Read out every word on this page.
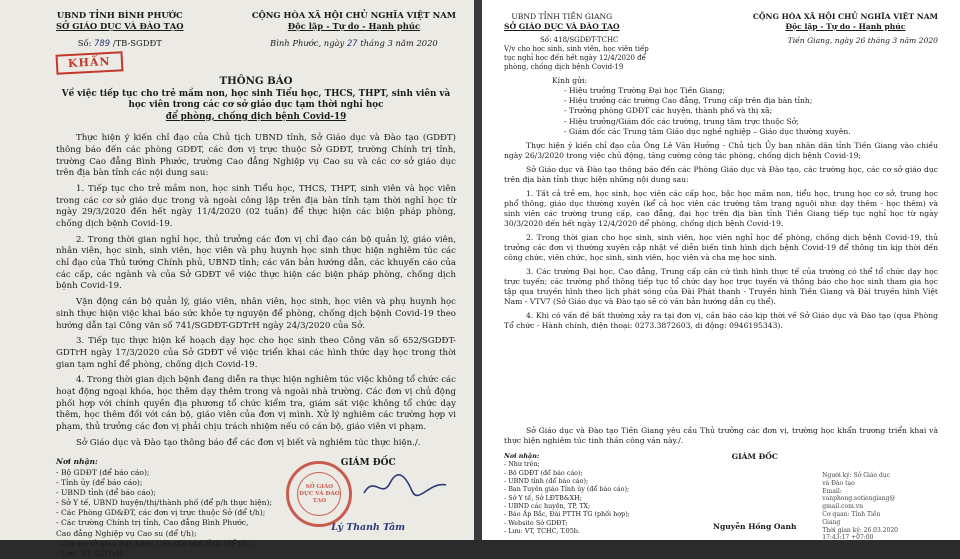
UBND TỈNH BÌNH PHƯỚC
SỞ GIÁO DỤC VÀ ĐÀO TẠO
Số: 789 /TB-SGDĐT
KHẨN
CỘNG HÒA XÃ HỘI CHỦ NGHĨA VIỆT NAM
Độc lập - Tự do - Hạnh phúc
Bình Phước, ngày 27 tháng 3 năm 2020
THÔNG BÁO
Về việc tiếp tục cho trẻ mầm non, học sinh Tiểu học, THCS, THPT, sinh viên và
học viên trong các cơ sở giáo dục tạm thời nghỉ học
để phòng, chống dịch bệnh Covid-19

Thực hiện ý kiến chỉ đạo của Chủ tịch UBND tỉnh, Sở Giáo dục và Đào tạo (GDĐT) thông báo đến các phòng GDĐT, các đơn vị trực thuộc Sở GDĐT, trường Chính trị tỉnh, trường Cao đẳng Bình Phước, trường Cao đẳng Nghiệp vụ Cao su và các cơ sở giáo dục trên địa bàn tỉnh các nội dung sau:

1. Tiếp tục cho trẻ mầm non, học sinh Tiểu học, THCS, THPT, sinh viên và học viên trong các cơ sở giáo dục trong và ngoài công lập trên địa bàn tỉnh tạm thời nghỉ học từ ngày 29/3/2020 đến hết ngày 11/4/2020 (02 tuần) để thực hiện các biện pháp phòng, chống dịch bệnh Covid-19.

2. Trong thời gian nghỉ học, thủ trưởng các đơn vị chỉ đạo cán bộ quản lý, giáo viên, nhân viên, học sinh, sinh viên, học viên và phụ huynh học sinh thực hiện nghiêm túc các chỉ đạo của Thủ tướng Chính phủ, UBND tỉnh; các văn bản hướng dẫn, các khuyến cáo của các cấp, các ngành và của Sở GDĐT về việc thực hiện các biện pháp phòng, chống dịch bệnh Covid-19.

Vận động cán bộ quản lý, giáo viên, nhân viên, học sinh, học viên và phụ huynh học sinh thực hiện việc khai báo sức khỏe tự nguyện để phòng, chống dịch bệnh Covid-19 theo hướng dẫn tại Công văn số 741/SGDĐT-GDTrH ngày 24/3/2020 của Sở.

3. Tiếp tục thực hiện kế hoạch dạy học cho học sinh theo Công văn số 652/SGDĐT-GDTrH ngày 17/3/2020 của Sở GDĐT về việc triển khai các hình thức dạy học trong thời gian tạm nghỉ để phòng, chống dịch Covid-19.

4. Trong thời gian dịch bệnh đang diễn ra thực hiện nghiêm túc việc không tổ chức các hoạt động ngoại khóa, học thêm dạy thêm trong và ngoài nhà trường. Các đơn vị chủ động phối hợp với chính quyền địa phương tổ chức kiểm tra, giám sát việc không tổ chức dạy thêm, học thêm đối với cán bộ, giáo viên của đơn vị mình. Xử lý nghiêm các trường hợp vi phạm, thủ trưởng các đơn vị phải chịu trách nhiệm nếu có cán bộ, giáo viên vi phạm.

Sở Giáo dục và Đào tạo thông báo để các đơn vị biết và nghiêm túc thực hiện./.

Nơi nhận:
- Bộ GDĐT (để báo cáo);
- Tỉnh ủy (để báo cáo);
- UBND tỉnh (để báo cáo);
- Sở Y tế, UBND huyện/thị/thành phố (để p/h thực hiện);
- Các Phòng GD&ĐT, các đơn vị trực thuộc Sở (để t/h);
- Các trường Chính trị tỉnh, Cao đẳng Bình Phước,
Cao đẳng Nghiệp vụ Cao su (để t/h);
- Các cơ sở giáo dục khác trên địa bàn tỉnh (để t/h);
- Lưu: VT, GDTrH.
GIÁM ĐỐC
SỞ GIÁO DỤC VÀ ĐÀO TẠO
Lý Thanh Tâm
UBND TỈNH TIỀN GIANG
SỞ GIÁO DỤC VÀ ĐÀO TẠO
CỘNG HÒA XÃ HỘI CHỦ NGHĨA VIỆT NAM
Độc lập - Tự do - Hạnh phúc
Số: 418/SGDĐT-TCHC
V/v cho học sinh, sinh viên, học viên tiếp tục nghỉ học đến hết ngày 12/4/2020 để phòng, chống dịch bệnh Covid-19
Tiền Giang, ngày 26 tháng 3 năm 2020
Kính gửi:
- Hiệu trưởng Trường Đại học Tiền Giang;
- Hiệu trưởng các trường Cao đẳng, Trung cấp trên địa bàn tỉnh;
- Trưởng phòng GDĐT các huyện, thành phố và thị xã;
- Hiệu trưởng/Giám đốc các trường, trung tâm trực thuộc Sở;
- Giám đốc các Trung tâm Giáo dục nghề nghiệp – Giáo dục thường xuyên.

Thực hiện ý kiến chỉ đạo của Ông Lê Văn Hưởng - Chủ tịch Ủy ban nhân dân tỉnh Tiền Giang vào chiều ngày 26/3/2020 trong việc chủ động, tăng cường công tác phòng, chống dịch bệnh Covid-19;

Sở Giáo dục và Đào tạo thông báo đến các Phòng Giáo dục và Đào tạo, các trường học, các cơ sở giáo dục trên địa bàn tỉnh thực hiện những nội dung sau:

1. Tất cả trẻ em, học sinh, học viên các cấp học, bậc học mầm non, tiểu học, trung học cơ sở, trung học phổ thông, giáo dục thường xuyên (kể cả học viên các trường tâm trạng nguội như: dạy thêm - học thêm) và sinh viên các trường trung cấp, cao đẳng, đại học trên địa bàn tỉnh Tiền Giang tiếp tục nghỉ học từ ngày 30/3/2020 đến hết ngày 12/4/2020 để phòng, chống dịch bệnh Covid-19.

2. Trong thời gian cho học sinh, sinh viên, học viên nghỉ học để phòng, chống dịch bệnh Covid-19, thủ trưởng các đơn vị thường xuyên cập nhật về diễn biến tình hình dịch bệnh Covid-19 để thông tin kịp thời đến công chức, viên chức, học sinh, sinh viên, học viên và cha mẹ học sinh.

3. Các trường Đại học, Cao đẳng, Trung cấp căn cứ tình hình thực tế của trường có thể tổ chức dạy học trực tuyến; các trường phổ thông tiếp tục tổ chức dạy học trực tuyến và thông báo cho học sinh tham gia học tập qua truyền hình theo lịch phát sóng của Đài Phát thanh - Truyền hình Tiền Giang và Đài truyền hình Việt Nam - VTV7 (Sở Giáo dục và Đào tạo sẽ có văn bản hướng dẫn cụ thể).

4. Khi có vấn đề bất thường xảy ra tại đơn vị, cần báo cáo kịp thời về Sở Giáo dục và Đào tạo (qua Phòng Tổ chức - Hành chính, điện thoại: 0273.3872603, di động: 0946195343).

Sở Giáo dục và Đào tạo Tiền Giang yêu cầu Thủ trưởng các đơn vị, trường học khẩn trương triển khai và thực hiện nghiêm túc tinh thần công văn này./.

Nơi nhận:
- Như trên;
- Bộ GDĐT (để báo cáo);
- UBND tỉnh (để báo cáo);
- Ban Tuyên giáo Tỉnh ủy (để báo cáo);
- Sở Y tế, Sở LĐTB&XH;
- UBND các huyện, TP, TX;
- Báo Ấp Bắc, Đài PTTH TG (phối hợp);
- Website Sở GDĐT;
- Lưu: VT, TCHC, T.05b.
GIÁM ĐỐC
Nguyễn Hồng Oanh
Người ký: Sở Giáo dục
và Đào tạo
Email:
vanphong.sotiengiang@
gmail.com.vn
Cơ quan: Tỉnh Tiền
Giang
Thời gian ký: 26.03.2020
17:43:17 +07:00
